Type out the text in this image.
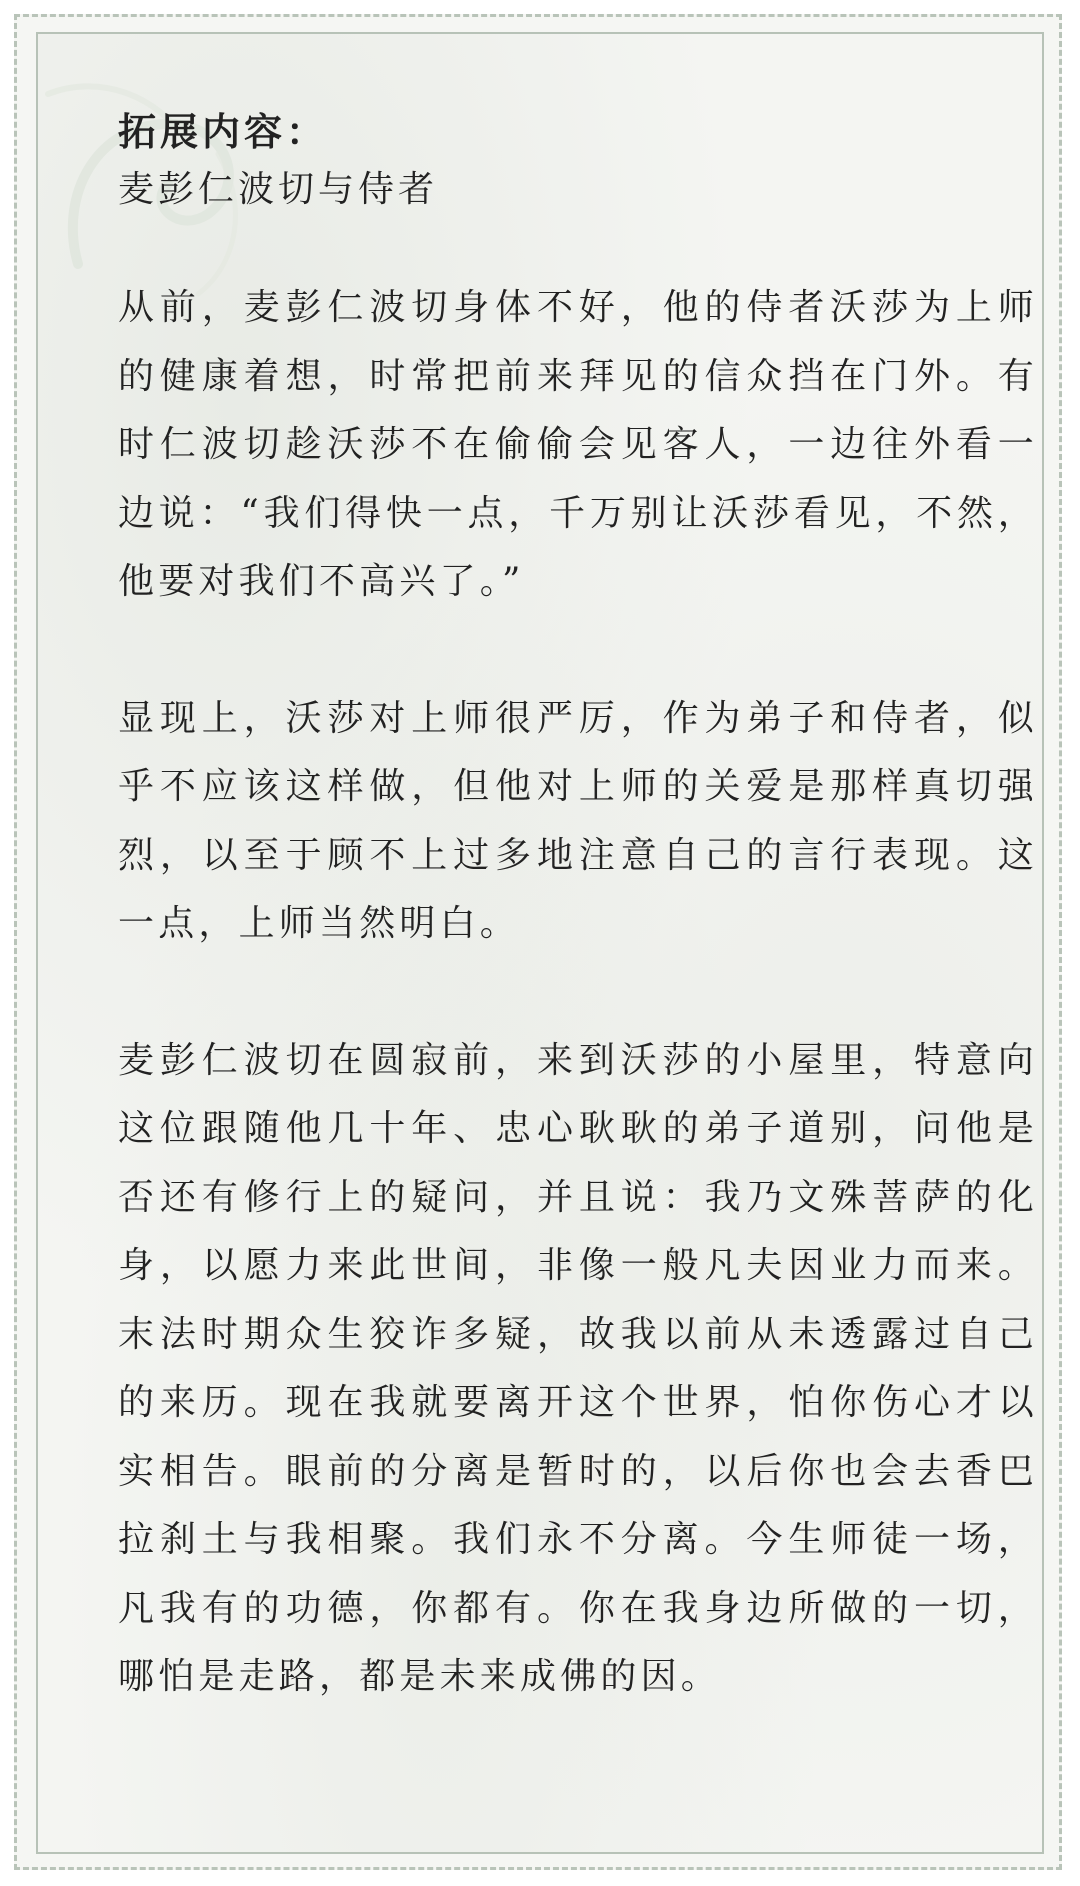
拓展内容：

麦彭仁波切与侍者

从前，麦彭仁波切身体不好，他的侍者沃莎为上师的健康着想，时常把前来拜见的信众挡在门外。有时仁波切趁沃莎不在偷偷会见客人，一边往外看一边说：“我们得快一点，千万别让沃莎看见，不然，他要对我们不高兴了。”

显现上，沃莎对上师很严厉，作为弟子和侍者，似乎不应该这样做，但他对上师的关爱是那样真切强烈，以至于顾不上过多地注意自己的言行表现。这一点，上师当然明白。

麦彭仁波切在圆寂前，来到沃莎的小屋里，特意向这位跟随他几十年、忠心耿耿的弟子道别，问他是否还有修行上的疑问，并且说：我乃文殊菩萨的化身，以愿力来此世间，非像一般凡夫因业力而来。末法时期众生狡诈多疑，故我以前从未透露过自己的来历。现在我就要离开这个世界，怕你伤心才以实相告。眼前的分离是暂时的，以后你也会去香巴拉刹土与我相聚。我们永不分离。今生师徒一场，凡我有的功德，你都有。你在我身边所做的一切，哪怕是走路，都是未来成佛的因。
